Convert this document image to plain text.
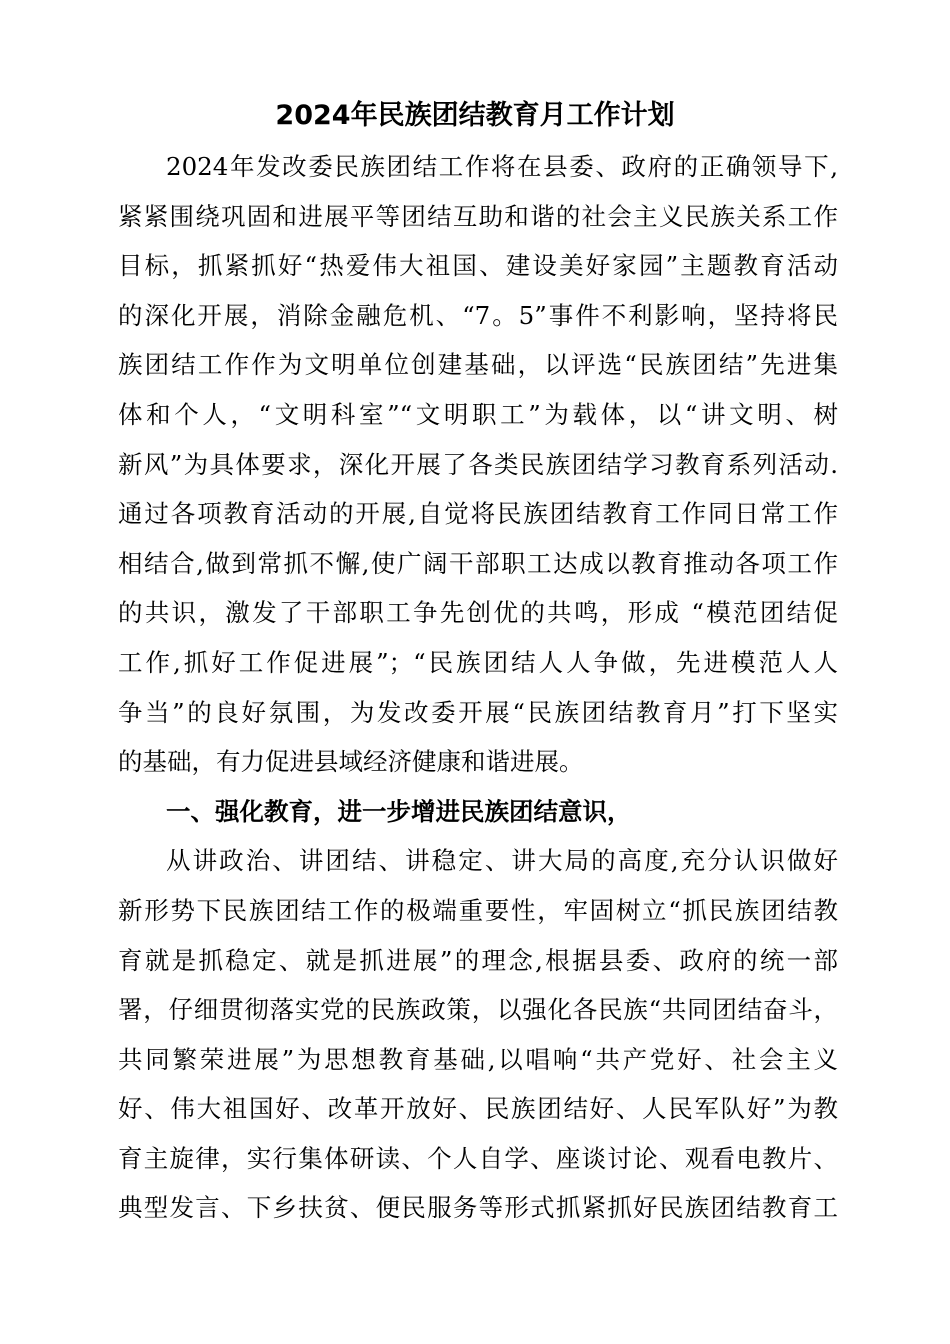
2024年民族团结教育月工作计划
2024年发改委民族团结工作将在县委、政府的正确领导下,
紧紧围绕巩固和进展平等团结互助和谐的社会主义民族关系工作
目标，抓紧抓好“热爱伟大祖国、建设美好家园”主题教育活动
的深化开展，消除金融危机、“7。5”事件不利影响，坚持将民
族团结工作作为文明单位创建基础，以评选“民族团结”先进集
体和个人，“文明科室”“文明职工”为载体，以“讲文明、树
新风”为具体要求，深化开展了各类民族团结学习教育系列活动.
通过各项教育活动的开展,自觉将民族团结教育工作同日常工作
相结合,做到常抓不懈,使广阔干部职工达成以教育推动各项工作
的共识，激发了干部职工争先创优的共鸣，形成 “模范团结促
工作,抓好工作促进展”；“民族团结人人争做，先进模范人人
争当”的良好氛围，为发改委开展“民族团结教育月”打下坚实
的基础，有力促进县域经济健康和谐进展。
一、强化教育，进一步增进民族团结意识，
从讲政治、讲团结、讲稳定、讲大局的高度,充分认识做好
新形势下民族团结工作的极端重要性，牢固树立“抓民族团结教
育就是抓稳定、就是抓进展”的理念,根据县委、政府的统一部
署，仔细贯彻落实党的民族政策，以强化各民族“共同团结奋斗，
共同繁荣进展”为思想教育基础,以唱响“共产党好、社会主义
好、伟大祖国好、改革开放好、民族团结好、人民军队好”为教
育主旋律，实行集体研读、个人自学、座谈讨论、观看电教片、
典型发言、下乡扶贫、便民服务等形式抓紧抓好民族团结教育工
